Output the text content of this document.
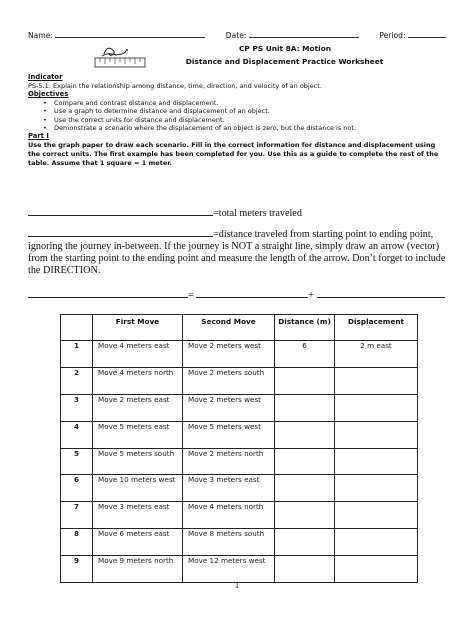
Name:	Date:	Period:
CP PS Unit 8A: Motion
Distance and Displacement Practice Worksheet
Indicator
PS-5.1: Explain the relationship among distance, time, direction, and velocity of an object.
Objectives
• Compare and contrast distance and displacement.
• Use a graph to determine distance and displacement of an object.
• Use the correct units for distance and displacement.
• Demonstrate a scenario where the displacement of an object is zero, but the distance is not.
Part I
Use the graph paper to draw each scenario. Fill in the correct information for distance and displacement using the correct units. The first example has been completed for you. Use this as a guide to complete the rest of the table. Assume that 1 square = 1 meter.
=total meters traveled
=distance traveled from starting point to ending point, ignoring the journey in-between. If the journey is NOT a straight line, simply draw an arrow (vector) from the starting point to the ending point and measure the length of the arrow. Don’t forget to include the DIRECTION.
=	+
	First Move	Second Move	Distance (m)	Displacement
1	Move 4 meters east	Move 2 meters west	6	2 m east
2	Move 4 meters north	Move 2 meters south		
3	Move 2 meters east	Move 2 meters west		
4	Move 5 meters east	Move 5 meters west		
5	Move 5 meters south	Move 2 meters north		
6	Move 10 meters west	Move 3 meters east		
7	Move 3 meters east	Move 4 meters north		
8	Move 6 meters east	Move 8 meters south		
9	Move 9 meters north	Move 12 meters west		
1
